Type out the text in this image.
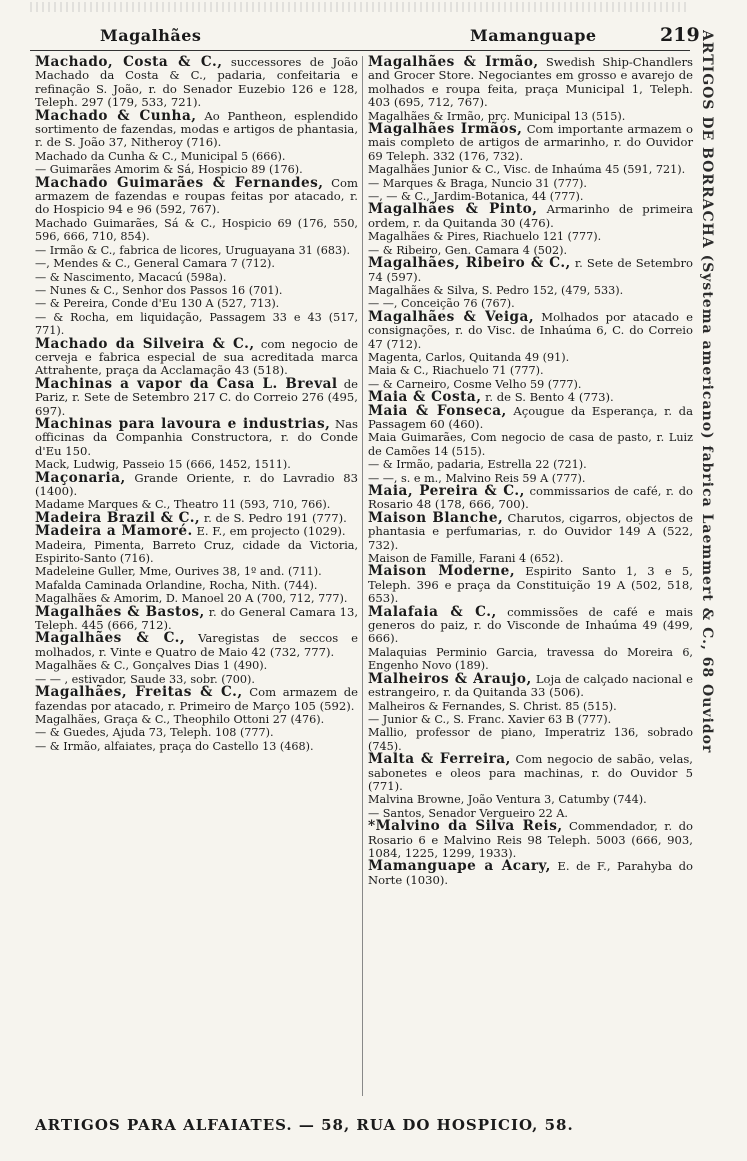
Magalhães	Mamanguape	219

Machado, Costa & C., successores de João Machado da Costa & C., padaria, confeitaria e refinação S. João, r. do Senador Euzebio 126 e 128, Teleph. 297 (179, 533, 721).

Machado & Cunha, Ao Pantheon, esplendido sortimento de fazendas, modas e artigos de phantasia, r. de S. João 37, Nitheroy (716).

Machado da Cunha & C., Municipal 5 (666).

— Guimarães Amorim & Sá, Hospicio 89 (176).

Machado Guimarães & Fernandes, Com armazem de fazendas e roupas feitas por atacado, r. do Hospicio 94 e 96 (592, 767).

Machado Guimarães, Sá & C., Hospicio 69 (176, 550, 596, 666, 710, 854).

— Irmão & C., fabrica de licores, Uruguayana 31 (683).

—, Mendes & C., General Camara 7 (712).

— & Nascimento, Macacú (598a).

— Nunes & C., Senhor dos Passos 16 (701).

— & Pereira, Conde d'Eu 130 A (527, 713).

— & Rocha, em liquidação, Passagem 33 e 43 (517, 771).

Machado da Silveira & C., com negocio de cerveja e fabrica especial de sua acreditada marca Attrahente, praça da Acclamação 43 (518).

Machinas a vapor da Casa L. Breval de Pariz, r. Sete de Setembro 217 C. do Correio 276 (495, 697).

Machinas para lavoura e industrias, Nas officinas da Companhia Constructora, r. do Conde d'Eu 150.

Mack, Ludwig, Passeio 15 (666, 1452, 1511).

Maçonaria, Grande Oriente, r. do Lavradio 83 (1400).

Madame Marques & C., Theatro 11 (593, 710, 766).

Madeira Brazil & C., r. de S. Pedro 191 (777).

Madeira a Mamoré. E. F., em projecto (1029).

Madeira, Pimenta, Barreto Cruz, cidade da Victoria, Espirito-Santo (716).

Madeleine Guller, Mme, Ourives 38, 1º and. (711).

Mafalda Caminada Orlandine, Rocha, Nith. (744).

Magalhães & Amorim, D. Manoel 20 A (700, 712, 777).

Magalhães & Bastos, r. do General Camara 13, Teleph. 445 (666, 712).

Magalhães & C., Varegistas de seccos e molhados, r. Vinte e Quatro de Maio 42 (732, 777).

Magalhães & C., Gonçalves Dias 1 (490).

— — , estivador, Saude 33, sobr. (700).

Magalhães, Freitas & C., Com armazem de fazendas por atacado, r. Primeiro de Março 105 (592).

Magalhães, Graça & C., Theophilo Ottoni 27 (476).

— & Guedes, Ajuda 73, Teleph. 108 (777).

— & Irmão, alfaiates, praça do Castello 13 (468).

Magalhães & Irmão, Swedish Ship-Chandlers and Grocer Store. Negociantes em grosso e avarejo de molhados e roupa feita, praça Municipal 1, Teleph. 403 (695, 712, 767).

Magalhães & Irmão, prç. Municipal 13 (515).

Magalhães Irmãos, Com importante armazem o mais completo de artigos de armarinho, r. do Ouvidor 69 Teleph. 332 (176, 732).

Magalhães Junior & C., Visc. de Inhaúma 45 (591, 721).

— Marques & Braga, Nuncio 31 (777).

—, — & C., Jardim-Botanica, 44 (777).

Magalhães & Pinto, Armarinho de primeira ordem, r. da Quitanda 30 (476).

Magalhães & Pires, Riachuelo 121 (777).

— & Ribeiro, Gen. Camara 4 (502).

Magalhães, Ribeiro & C., r. Sete de Setembro 74 (597).

Magalhães & Silva, S. Pedro 152, (479, 533).

— —, Conceição 76 (767).

Magalhães & Veiga, Molhados por atacado e consignações, r. do Visc. de Inhaúma 6, C. do Correio 47 (712).

Magenta, Carlos, Quitanda 49 (91).

Maia & C., Riachuelo 71 (777).

— & Carneiro, Cosme Velho 59 (777).

Maia & Costa, r. de S. Bento 4 (773).

Maia & Fonseca, Açougue da Esperança, r. da Passagem 60 (460).

Maia Guimarães, Com negocio de casa de pasto, r. Luiz de Camões 14 (515).

— & Irmão, padaria, Estrella 22 (721).

— —, s. e m., Malvino Reis 59 A (777).

Maia, Pereira & C., commissarios de café, r. do Rosario 48 (178, 666, 700).

Maison Blanche, Charutos, cigarros, objectos de phantasia e perfumarias, r. do Ouvidor 149 A (522, 732).

Maison de Famille, Farani 4 (652).

Maison Moderne, Espirito Santo 1, 3 e 5, Teleph. 396 e praça da Constituição 19 A (502, 518, 653).

Malafaia & C., commissões de café e mais generos do paiz, r. do Visconde de Inhaúma 49 (499, 666).

Malaquias Perminio Garcia, travessa do Moreira 6, Engenho Novo (189).

Malheiros & Araujo, Loja de calçado nacional e estrangeiro, r. da Quitanda 33 (506).

Malheiros & Fernandes, S. Christ. 85 (515).

— Junior & C., S. Franc. Xavier 63 B (777).

Mallio, professor de piano, Imperatriz 136, sobrado (745).

Malta & Ferreira, Com negocio de sabão, velas, sabonetes e oleos para machinas, r. do Ouvidor 5 (771).

Malvina Browne, João Ventura 3, Catumby (744).

— Santos, Senador Vergueiro 22 A.

*Malvino da Silva Reis, Commendador, r. do Rosario 6 e Malvino Reis 98 Teleph. 5003 (666, 903, 1084, 1225, 1299, 1933).

Mamanguape a Acary, E. de F., Parahyba do Norte (1030).

ARTIGOS PARA ALFAIATES. — 58, RUA DO HOSPICIO, 58.
ARTIGOS DE BORRACHA (Systema americano) fabrica Laemmert & C., 68 Ouvidor
